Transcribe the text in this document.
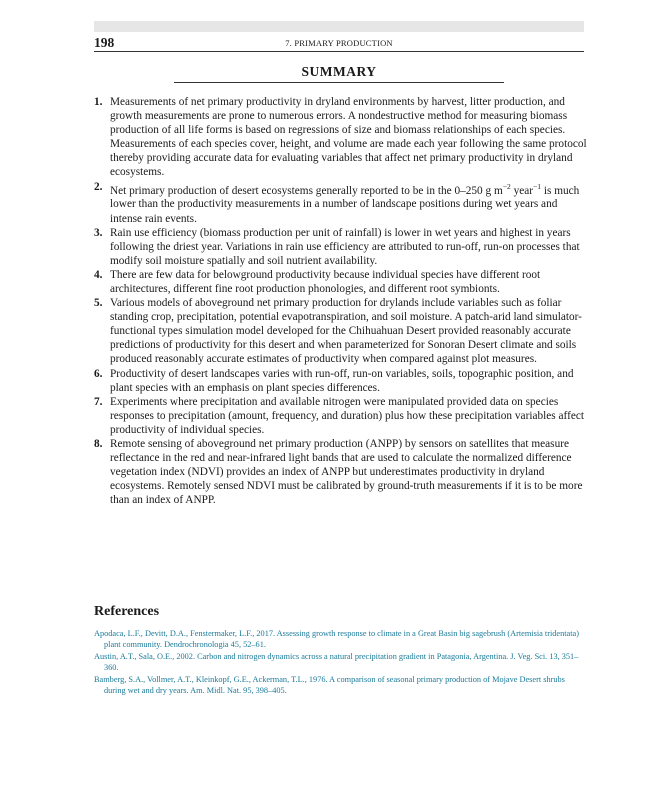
198	7. PRIMARY PRODUCTION
SUMMARY
1. Measurements of net primary productivity in dryland environments by harvest, litter production, and growth measurements are prone to numerous errors. A nondestructive method for measuring biomass production of all life forms is based on regressions of size and biomass relationships of each species. Measurements of each species cover, height, and volume are made each year following the same protocol thereby providing accurate data for evaluating variables that affect net primary productivity in dryland ecosystems.
2. Net primary production of desert ecosystems generally reported to be in the 0–250 g $m^{-2}$ year$^{-1}$ is much lower than the productivity measurements in a number of landscape positions during wet years and intense rain events.
3. Rain use efficiency (biomass production per unit of rainfall) is lower in wet years and highest in years following the driest year. Variations in rain use efficiency are attributed to run-off, run-on processes that modify soil moisture spatially and soil nutrient availability.
4. There are few data for belowground productivity because individual species have different root architectures, different fine root production phonologies, and different root symbionts.
5. Various models of aboveground net primary production for drylands include variables such as foliar standing crop, precipitation, potential evapotranspiration, and soil moisture. A patch-arid land simulator-functional types simulation model developed for the Chihuahuan Desert provided reasonably accurate predictions of productivity for this desert and when parameterized for Sonoran Desert climate and soils produced reasonably accurate estimates of productivity when compared against plot measures.
6. Productivity of desert landscapes varies with run-off, run-on variables, soils, topographic position, and plant species with an emphasis on plant species differences.
7. Experiments where precipitation and available nitrogen were manipulated provided data on species responses to precipitation (amount, frequency, and duration) plus how these precipitation variables affect productivity of individual species.
8. Remote sensing of aboveground net primary production (ANPP) by sensors on satellites that measure reflectance in the red and near-infrared light bands that are used to calculate the normalized difference vegetation index (NDVI) provides an index of ANPP but underestimates productivity in dryland ecosystems. Remotely sensed NDVI must be calibrated by ground-truth measurements if it is to be more than an index of ANPP.
References

Apodaca, L.F., Devitt, D.A., Fenstermaker, L.F., 2017. Assessing growth response to climate in a Great Basin big sagebrush (Artemisia tridentata) plant community. Dendrochronologia 45, 52–61.

Austin, A.T., Sala, O.E., 2002. Carbon and nitrogen dynamics across a natural precipitation gradient in Patagonia, Argentina. J. Veg. Sci. 13, 351–360.

Bamberg, S.A., Vollmer, A.T., Kleinkopf, G.E., Ackerman, T.L., 1976. A comparison of seasonal primary production of Mojave Desert shrubs during wet and dry years. Am. Midl. Nat. 95, 398–405.
